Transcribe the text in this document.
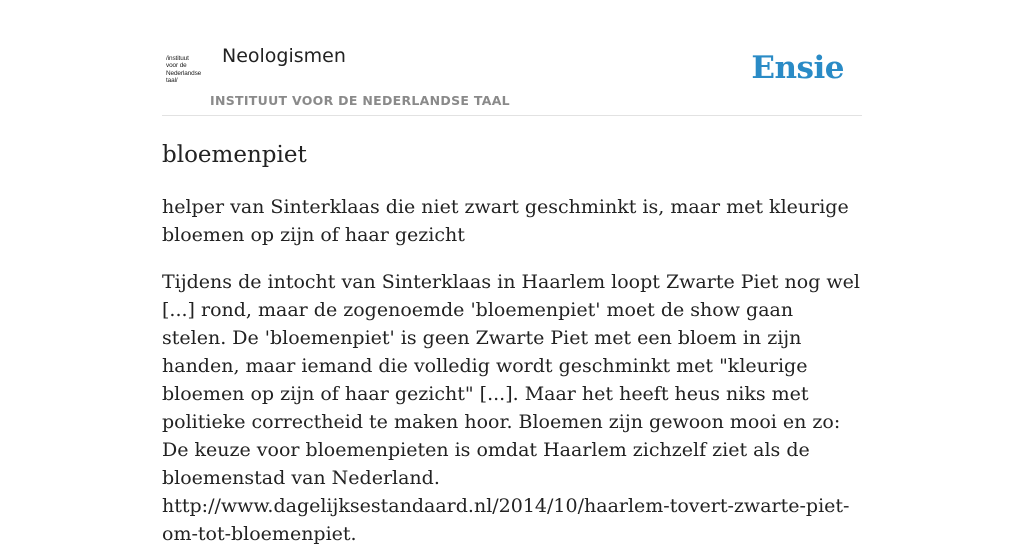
/instituut
voor de
Nederlandse
taal/
Neologismen
INSTITUUT VOOR DE NEDERLANDSE TAAL
Ensie
bloemenpiet

helper van Sinterklaas die niet zwart geschminkt is, maar met kleurige bloemen op zijn of haar gezicht

Tijdens de intocht van Sinterklaas in Haarlem loopt Zwarte Piet nog wel [...] rond, maar de zogenoemde 'bloemenpiet' moet de show gaan stelen. De 'bloemenpiet' is geen Zwarte Piet met een bloem in zijn handen, maar iemand die volledig wordt geschminkt met "kleurige bloemen op zijn of haar gezicht" [...]. Maar het heeft heus niks met politieke correctheid te maken hoor. Bloemen zijn gewoon mooi en zo: De keuze voor bloemenpieten is omdat Haarlem zichzelf ziet als de bloemenstad van Nederland.
http://www.dagelijksestandaard.nl/2014/10/haarlem-tovert-zwarte-piet-om-tot-bloemenpiet.
